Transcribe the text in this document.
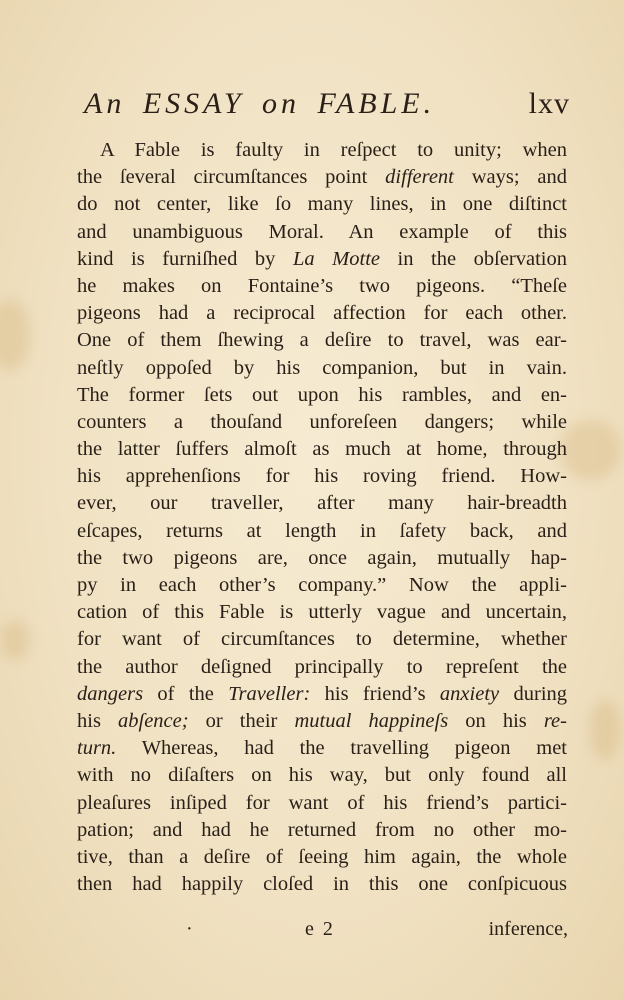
An ESSAY on FABLE.	lxv
A Fable is faulty in reſpect to unity; when
the ſeveral circumſtances point different ways; and
do not center, like ſo many lines, in one diſtinct
and unambiguous Moral. An example of this
kind is furniſhed by La Motte in the obſervation
he makes on Fontaine’s two pigeons. “Theſe
pigeons had a reciprocal affection for each other.
One of them ſhewing a deſire to travel, was ear-
neſtly oppoſed by his companion, but in vain.
The former ſets out upon his rambles, and en-
counters a thouſand unforeſeen dangers; while
the latter ſuffers almoſt as much at home, through
his apprehenſions for his roving friend. How-
ever, our traveller, after many hair-breadth
eſcapes, returns at length in ſafety back, and
the two pigeons are, once again, mutually hap-
py in each other’s company.” Now the appli-
cation of this Fable is utterly vague and uncertain,
for want of circumſtances to determine, whether
the author deſigned principally to repreſent the
dangers of the Traveller: his friend’s anxiety during
his abſence; or their mutual happineſs on his re-
turn. Whereas, had the travelling pigeon met
with no diſaſters on his way, but only found all
pleaſures inſiped for want of his friend’s partici-
pation; and had he returned from no other mo-
tive, than a deſire of ſeeing him again, the whole
then had happily cloſed in this one conſpicuous
·	e 2	inference,
